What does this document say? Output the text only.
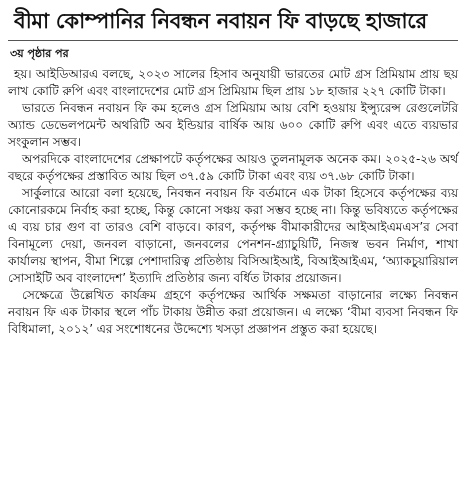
বীমা কোম্পানির নিবন্ধন নবায়ন ফি বাড়ছে হাজারে
৩য় পৃষ্ঠার পর

হয়। আইডিআরএ বলছে, ২০২৩ সালের হিসাব অনুযায়ী ভারতের মোট গ্রস প্রিমিয়াম প্রায় ছয় লাখ কোটি রুপি এবং বাংলাদেশের মোট গ্রস প্রিমিয়াম ছিল প্রায় ১৮ হাজার ২২৭ কোটি টাকা।

ভারতে নিবন্ধন নবায়ন ফি কম হলেও গ্রস প্রিমিয়াম আয় বেশি হওয়ায় ইন্স্যুরেন্স রেগুলেটরি অ্যান্ড ডেভেলপমেন্ট অথরিটি অব ইন্ডিয়ার বার্ষিক আয় ৬০০ কোটি রুপি এবং এতে ব্যয়ভার সংকুলান সম্ভব।

অপরদিকে বাংলাদেশের প্রেক্ষাপটে কর্তৃপক্ষের আয়ও তুলনামূলক অনেক কম। ২০২৫-২৬ অর্থ বছরে কর্তৃপক্ষের প্রস্তাবিত আয় ছিল ৩৭.৫৯ কোটি টাকা এবং ব্যয় ৩৭.৬৮ কোটি টাকা।

সার্কুলারে আরো বলা হয়েছে, নিবন্ধন নবায়ন ফি বর্তমানে এক টাকা হিসেবে কর্তৃপক্ষের ব্যয় কোনোরকমে নির্বাহ করা হচ্ছে, কিন্তু কোনো সঞ্চয় করা সম্ভব হচ্ছে না। কিন্তু ভবিষ্যতে কর্তৃপক্ষের এ ব্যয় চার গুণ বা তারও বেশি বাড়বে। কারণ, কর্তৃপক্ষ বীমাকারীদের আইআইএমএস’র সেবা বিনামূল্যে দেয়া, জনবল বাড়ানো, জনবলের পেনশন-গ্র্যাচুয়িটি, নিজস্ব ভবন নির্মাণ, শাখা কার্যালয় স্থাপন, বীমা শিল্পে পেশাদারিত্ব প্রতিষ্ঠায় বিসিআইআই, বিআইআইএম, ‘অ্যাকচুয়ারিয়াল সোসাইটি অব বাংলাদেশ’ ইত্যাদি প্রতিষ্ঠার জন্য বর্ধিত টাকার প্রয়োজন।

সেক্ষেত্রে উল্লেখিত কার্যক্রম গ্রহণে কর্তৃপক্ষের আর্থিক সক্ষমতা বাড়ানোর লক্ষ্যে নিবন্ধন নবায়ন ফি এক টাকার স্থলে পাঁচ টাকায় উন্নীত করা প্রয়োজন। এ লক্ষ্যে ‘বীমা ব্যবসা নিবন্ধন ফি বিধিমালা, ২০১২’ এর সংশোধনের উদ্দেশ্যে খসড়া প্রজ্ঞাপন প্রস্তুত করা হয়েছে।
